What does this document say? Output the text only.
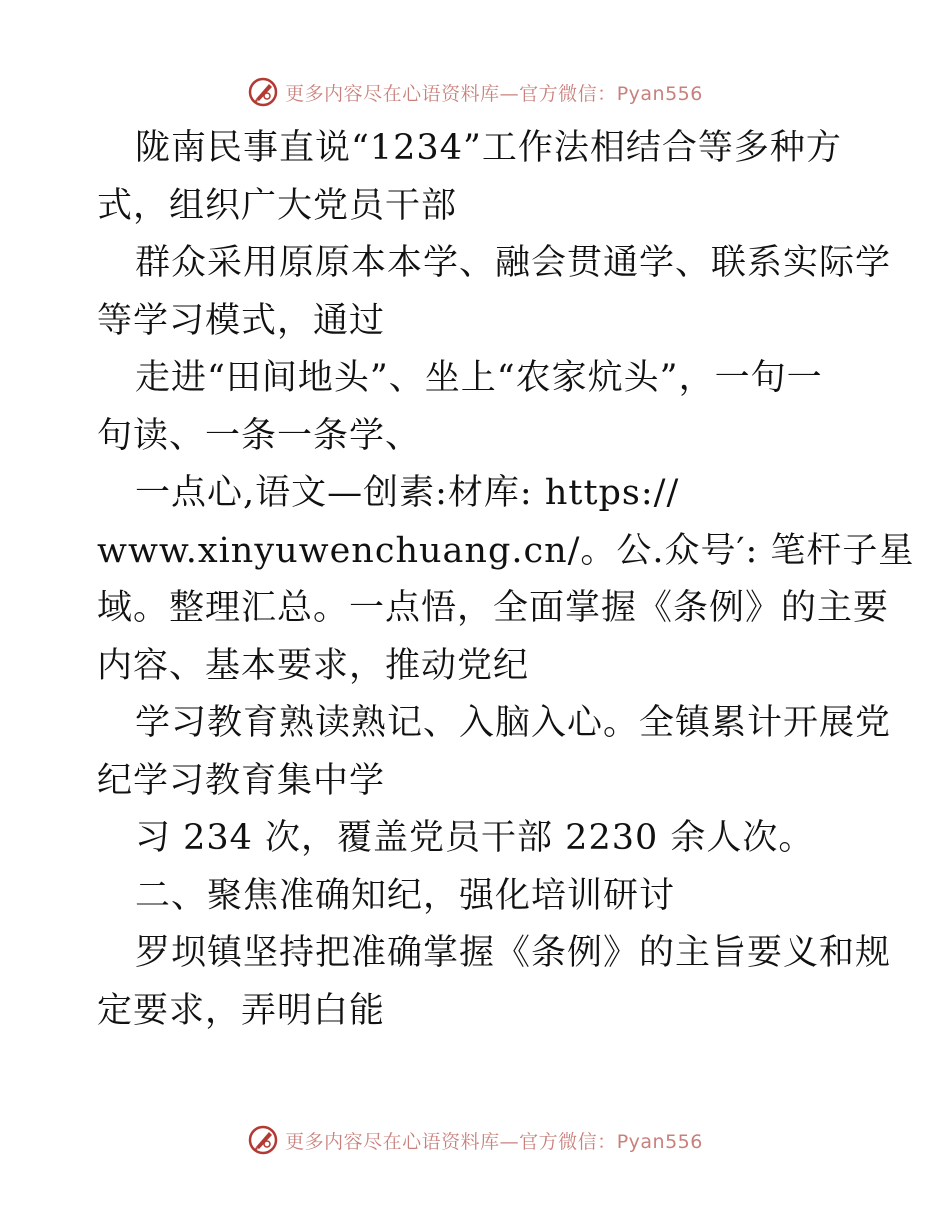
更多内容尽在心语资料库—官方微信：Pyan556
陇南民事直说“1234”工作法相结合等多种方
式，组织广大党员干部
群众采用原原本本学、融会贯通学、联系实际学
等学习模式，通过
走进“田间地头”、坐上“农家炕头”，一句一
句读、一条一条学、
一点心,语文—创素:材库: https://
www.xinyuwenchuang.cn/。公.众号′: 笔杆子星
域。整理汇总。一点悟，全面掌握《条例》的主要
内容、基本要求，推动党纪
学习教育熟读熟记、入脑入心。全镇累计开展党
纪学习教育集中学
习 234 次，覆盖党员干部 2230 余人次。
二、聚焦准确知纪，强化培训研讨
罗坝镇坚持把准确掌握《条例》的主旨要义和规
定要求，弄明白能
更多内容尽在心语资料库—官方微信：Pyan556
